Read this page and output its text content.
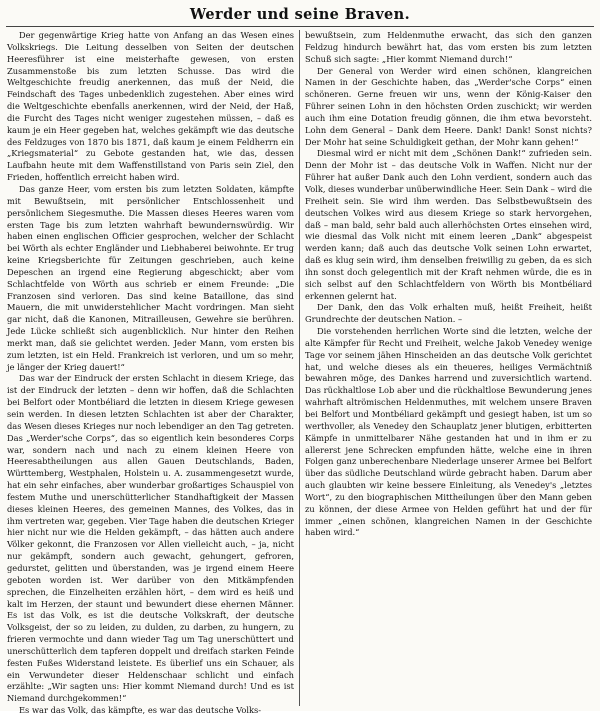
Werder und seine Braven.

Der gegenwärtige Krieg hatte von Anfang an das Wesen eines Volkskriegs. Die Leitung desselben von Seiten der deutschen Heeresführer ist eine meisterhafte gewesen, von ersten Zusammenstoße bis zum letzten Schusse. Das wird die Weltgeschichte freudig anerkennen, das muß der Neid, die Feindschaft des Tages unbedenklich zugestehen. Aber eines wird die Weltgeschichte ebenfalls anerkennen, wird der Neid, der Haß, die Furcht des Tages nicht weniger zugestehen müssen, – daß es kaum je ein Heer gegeben hat, welches gekämpft wie das deutsche des Feldzuges von 1870 bis 1871, daß kaum je einem Feldherrn ein „Kriegsmaterial“ zu Gebote gestanden hat, wie das, dessen Laufbahn heute mit dem Waffenstillstand von Paris sein Ziel, den Frieden, hoffentlich erreicht haben wird.

Das ganze Heer, vom ersten bis zum letzten Soldaten, kämpfte mit Bewußtsein, mit persönlicher Entschlossenheit und persönlichem Siegesmuthe. Die Massen dieses Heeres waren vom ersten Tage bis zum letzten wahrhaft bewundernswürdig. Wir haben einen englischen Officier gesprochen, welcher der Schlacht bei Wörth als echter Engländer und Liebhaberei beiwohnte. Er trug keine Kriegsberichte für Zeitungen geschrieben, auch keine Depeschen an irgend eine Regierung abgeschickt; aber vom Schlachtfelde von Wörth aus schrieb er einem Freunde: „Die Franzosen sind verloren. Das sind keine Bataillone, das sind Mauern, die mit unwiderstehlicher Macht vordringen. Man sieht gar nicht, daß die Kanonen, Mitrailleusen, Gewehre sie berühren. Jede Lücke schließt sich augenblicklich. Nur hinter den Reihen merkt man, daß sie gelichtet werden. Jeder Mann, vom ersten bis zum letzten, ist ein Held. Frankreich ist verloren, und um so mehr, je länger der Krieg dauert!“

Das war der Eindruck der ersten Schlacht in diesem Kriege, das ist der Eindruck der letzten – denn wir hoffen, daß die Schlachten bei Belfort oder Montbéliard die letzten in diesem Kriege gewesen sein werden. In diesen letzten Schlachten ist aber der Charakter, das Wesen dieses Krieges nur noch lebendiger an den Tag getreten. Das „Werder'sche Corps“, das so eigentlich kein besonderes Corps war, sondern nach und nach zu einem kleinen Heere von Heeresabtheilungen aus allen Gauen Deutschlands, Baden, Württemberg, Westphalen, Holstein u. A. zusammengesetzt wurde, hat ein sehr einfaches, aber wunderbar großartiges Schauspiel von festem Muthe und unerschütterlicher Standhaftigkeit der Massen dieses kleinen Heeres, des gemeinen Mannes, des Volkes, das in ihm vertreten war, gegeben. Vier Tage haben die deutschen Krieger hier nicht nur wie die Helden gekämpft, – das hätten auch andere Völker gekonnt, die Franzosen vor Allen vielleicht auch, – ja, nicht nur gekämpft, sondern auch gewacht, gehungert, gefroren, gedurstet, gelitten und überstanden, was je irgend einem Heere geboten worden ist. Wer darüber von den Mitkämpfenden sprechen, die Einzelheiten erzählen hört, – dem wird es heiß und kalt im Herzen, der staunt und bewundert diese ehernen Männer. Es ist das Volk, es ist die deutsche Volkskraft, der deutsche Volksgeist, der so zu leiden, zu dulden, zu darben, zu hungern, zu frieren vermochte und dann wieder Tag um Tag unerschüttert und unerschütterlich dem tapferen doppelt und dreifach starken Feinde festen Fußes Widerstand leistete. Es überlief uns ein Schauer, als ein Verwundeter dieser Heldenschaar schlicht und einfach erzählte: „Wir sagten uns: Hier kommt Niemand durch! Und es ist Niemand durchgekommen!“

Es war das Volk, das kämpfte, es war das deutsche Volks-

bewußtsein, zum Heldenmuthe erwacht, das sich den ganzen Feldzug hindurch bewährt hat, das vom ersten bis zum letzten Schuß sich sagte: „Hier kommt Niemand durch!“

Der General von Werder wird einen schönen, klangreichen Namen in der Geschichte haben, das „Werder'sche Corps“ einen schöneren. Gerne freuen wir uns, wenn der König-Kaiser den Führer seinen Lohn in den höchsten Orden zuschickt; wir werden auch ihm eine Dotation freudig gönnen, die ihm etwa bevorsteht. Lohn dem General – Dank dem Heere. Dank! Dank! Sonst nichts? Der Mohr hat seine Schuldigkeit gethan, der Mohr kann gehen!“

Diesmal wird er nicht mit dem „Schönen Dank!“ zufrieden sein. Denn der Mohr ist – das deutsche Volk in Waffen. Nicht nur der Führer hat außer Dank auch den Lohn verdient, sondern auch das Volk, dieses wunderbar unüberwindliche Heer. Sein Dank – wird die Freiheit sein. Sie wird ihm werden. Das Selbstbewußtsein des deutschen Volkes wird aus diesem Kriege so stark hervorgehen, daß – man bald, sehr bald auch allerhöchsten Ortes einsehen wird, wie diesmal das Volk nicht mit einem leeren „Dank“ abgespeist werden kann; daß auch das deutsche Volk seinen Lohn erwartet, daß es klug sein wird, ihm denselben freiwillig zu geben, da es sich ihn sonst doch gelegentlich mit der Kraft nehmen würde, die es in sich selbst auf den Schlachtfeldern von Wörth bis Montbéliard erkennen gelernt hat.

Der Dank, den das Volk erhalten muß, heißt Freiheit, heißt Grundrechte der deutschen Nation. –

Die vorstehenden herrlichen Worte sind die letzten, welche der alte Kämpfer für Recht und Freiheit, welche Jakob Venedey wenige Tage vor seinem jähen Hinscheiden an das deutsche Volk gerichtet hat, und welche dieses als ein theueres, heiliges Vermächtniß bewahren möge, des Dankes harrend und zuversichtlich wartend. Das rückhaltlose Lob aber und die rückhaltlose Bewunderung jenes wahrhaft altrömischen Heldenmuthes, mit welchem unsere Braven bei Belfort und Montbéliard gekämpft und gesiegt haben, ist um so werthvoller, als Venedey den Schauplatz jener blutigen, erbitterten Kämpfe in unmittelbarer Nähe gestanden hat und in ihm er zu allererst jene Schrecken empfunden hätte, welche eine in ihren Folgen ganz unberechenbare Niederlage unserer Armee bei Belfort über das südliche Deutschland würde gebracht haben. Darum aber auch glaubten wir keine bessere Einleitung, als Venedey's „letztes Wort“, zu den biographischen Mittheilungen über den Mann geben zu können, der diese Armee von Helden geführt hat und der für immer „einen schönen, klangreichen Namen in der Geschichte haben wird.“
